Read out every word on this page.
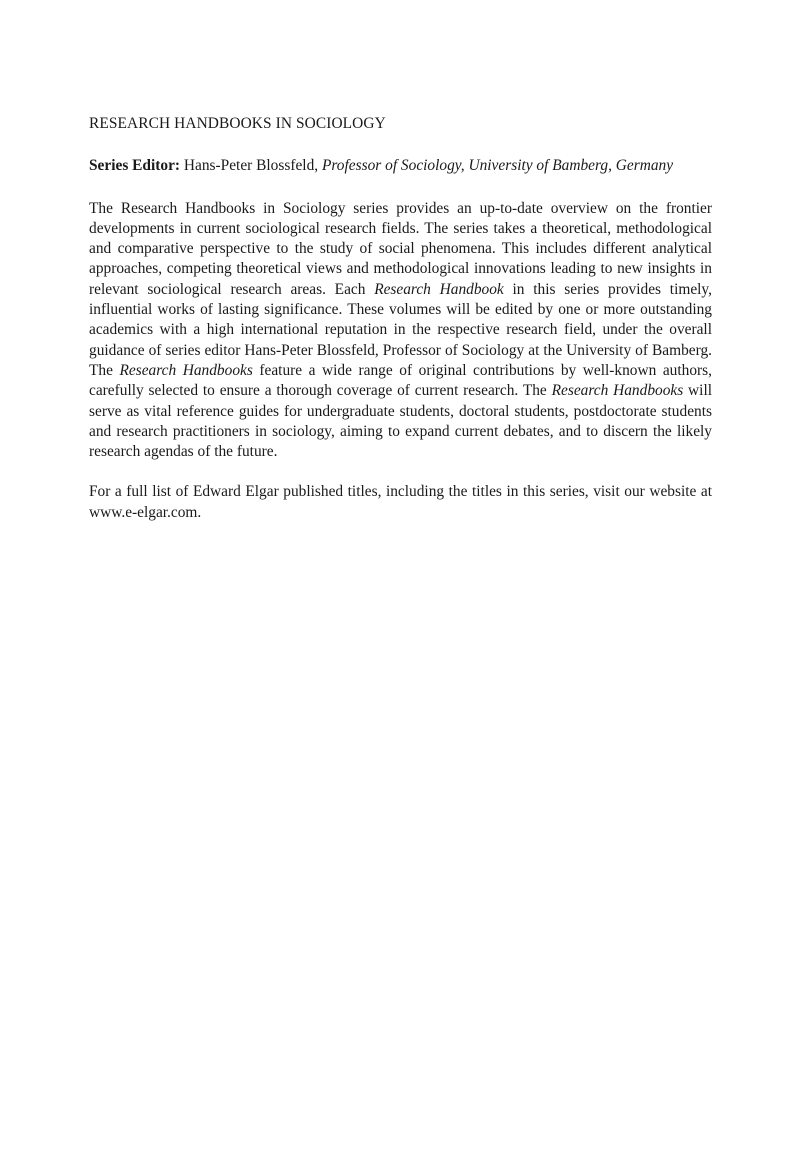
RESEARCH HANDBOOKS IN SOCIOLOGY

Series Editor: Hans-Peter Blossfeld, Professor of Sociology, University of Bamberg, Germany

The Research Handbooks in Sociology series provides an up-to-date overview on the frontier developments in current sociological research fields. The series takes a theoretical, methodological and comparative perspective to the study of social phenomena. This includes different analytical approaches, competing theoretical views and methodological innovations leading to new insights in relevant sociological research areas. Each Research Handbook in this series provides timely, influential works of lasting significance. These volumes will be edited by one or more outstanding academics with a high international reputation in the respective research field, under the overall guidance of series editor Hans-Peter Blossfeld, Professor of Sociology at the University of Bamberg. The Research Handbooks feature a wide range of original contributions by well-known authors, carefully selected to ensure a thorough coverage of current research. The Research Handbooks will serve as vital reference guides for undergraduate students, doctoral students, postdoctorate students and research practitioners in sociology, aiming to expand current debates, and to discern the likely research agendas of the future.

For a full list of Edward Elgar published titles, including the titles in this series, visit our website at www.e-elgar.com.
